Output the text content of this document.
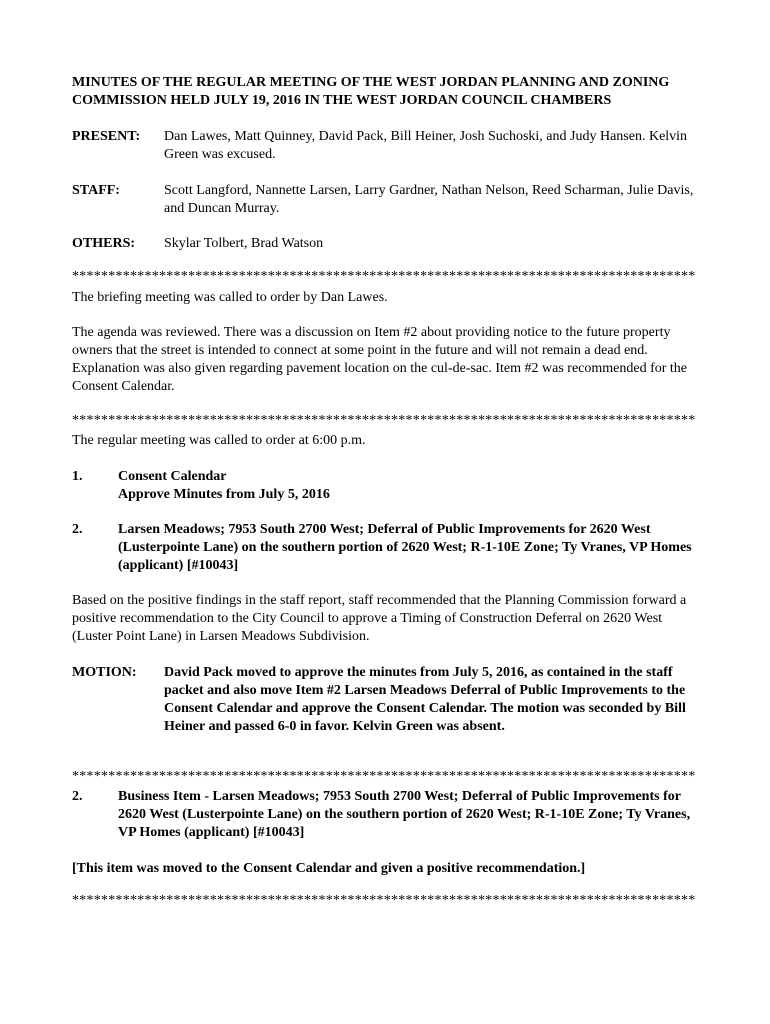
MINUTES OF THE REGULAR MEETING OF THE WEST JORDAN PLANNING AND ZONING
COMMISSION HELD JULY 19, 2016 IN THE WEST JORDAN COUNCIL CHAMBERS
PRESENT:	Dan Lawes, Matt Quinney, David Pack, Bill Heiner, Josh Suchoski, and Judy Hansen. Kelvin Green was excused.
STAFF:	Scott Langford, Nannette Larsen, Larry Gardner, Nathan Nelson, Reed Scharman, Julie Davis, and Duncan Murray.
OTHERS:	Skylar Tolbert, Brad Watson
**************************************************************************************
The briefing meeting was called to order by Dan Lawes.
The agenda was reviewed. There was a discussion on Item #2 about providing notice to the future property owners that the street is intended to connect at some point in the future and will not remain a dead end. Explanation was also given regarding pavement location on the cul-de-sac. Item #2 was recommended for the Consent Calendar.
**************************************************************************************
The regular meeting was called to order at 6:00 p.m.
1.	Consent Calendar
Approve Minutes from July 5, 2016
2.	Larsen Meadows; 7953 South 2700 West; Deferral of Public Improvements for 2620 West (Lusterpointe Lane) on the southern portion of 2620 West; R-1-10E Zone; Ty Vranes, VP Homes (applicant) [#10043]
Based on the positive findings in the staff report, staff recommended that the Planning Commission forward a positive recommendation to the City Council to approve a Timing of Construction Deferral on 2620 West (Luster Point Lane) in Larsen Meadows Subdivision.
MOTION:	David Pack moved to approve the minutes from July 5, 2016, as contained in the staff packet and also move Item #2 Larsen Meadows Deferral of Public Improvements to the Consent Calendar and approve the Consent Calendar. The motion was seconded by Bill Heiner and passed 6-0 in favor. Kelvin Green was absent.
**************************************************************************************
2.	Business Item - Larsen Meadows; 7953 South 2700 West; Deferral of Public Improvements for 2620 West (Lusterpointe Lane) on the southern portion of 2620 West; R-1-10E Zone; Ty Vranes, VP Homes (applicant) [#10043]
[This item was moved to the Consent Calendar and given a positive recommendation.]
**************************************************************************************
